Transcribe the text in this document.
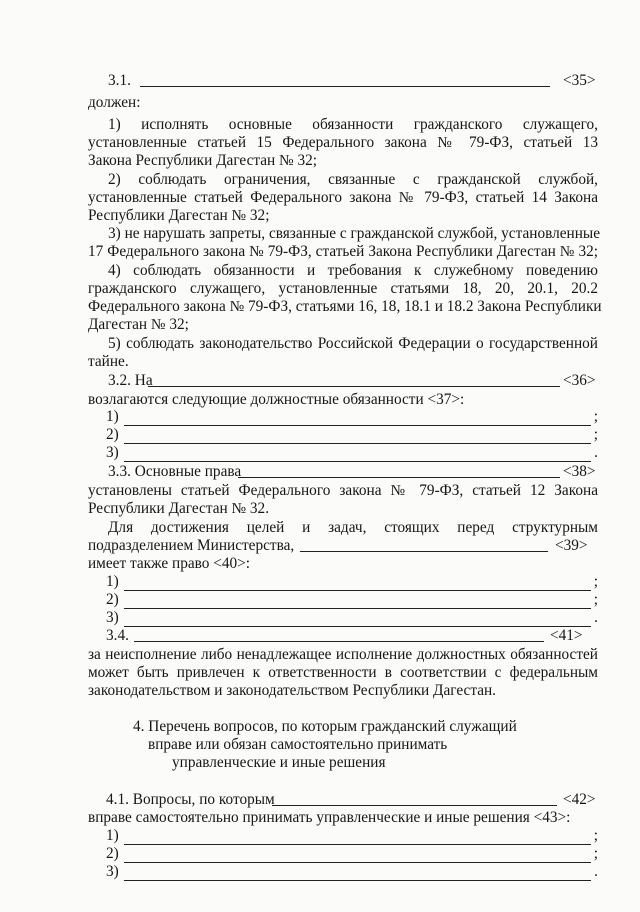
3.1.	<35>
должен:
1) исполнять основные обязанности гражданского служащего,
установленные статьей 15 Федерального закона № 79-ФЗ, статьей 13
Закона Республики Дагестан № 32;
2) соблюдать ограничения, связанные с гражданской службой,
установленные статьей Федерального закона № 79-ФЗ, статьей 14 Закона
Республики Дагестан № 32;
3) не нарушать запреты, связанные с гражданской службой, установленные
17 Федерального закона № 79-ФЗ, статьей Закона Республики Дагестан № 32;
4) соблюдать обязанности и требования к служебному поведению
гражданского служащего, установленные статьями 18, 20, 20.1, 20.2
Федерального закона № 79-ФЗ, статьями 16, 18, 18.1 и 18.2 Закона Республики
Дагестан № 32;
5) соблюдать законодательство Российской Федерации о государственной
тайне.
3.2. На	<36>
возлагаются следующие должностные обязанности <37>:
1)	;
2)	;
3)	.
3.3. Основные права	<38>
установлены статьей Федерального закона № 79-ФЗ, статьей 12 Закона
Республики Дагестан № 32.
Для достижения целей и задач, стоящих перед структурным
подразделением Министерства,	<39>
имеет также право <40>:
1)	;
2)	;
3)	.
3.4.	<41>
за неисполнение либо ненадлежащее исполнение должностных обязанностей
может быть привлечен к ответственности в соответствии с федеральным
законодательством и законодательством Республики Дагестан.
4. Перечень вопросов, по которым гражданский служащий
вправе или обязан самостоятельно принимать
управленческие и иные решения
4.1. Вопросы, по которым	<42>
вправе самостоятельно принимать управленческие и иные решения <43>:
1)	;
2)	;
3)	.
